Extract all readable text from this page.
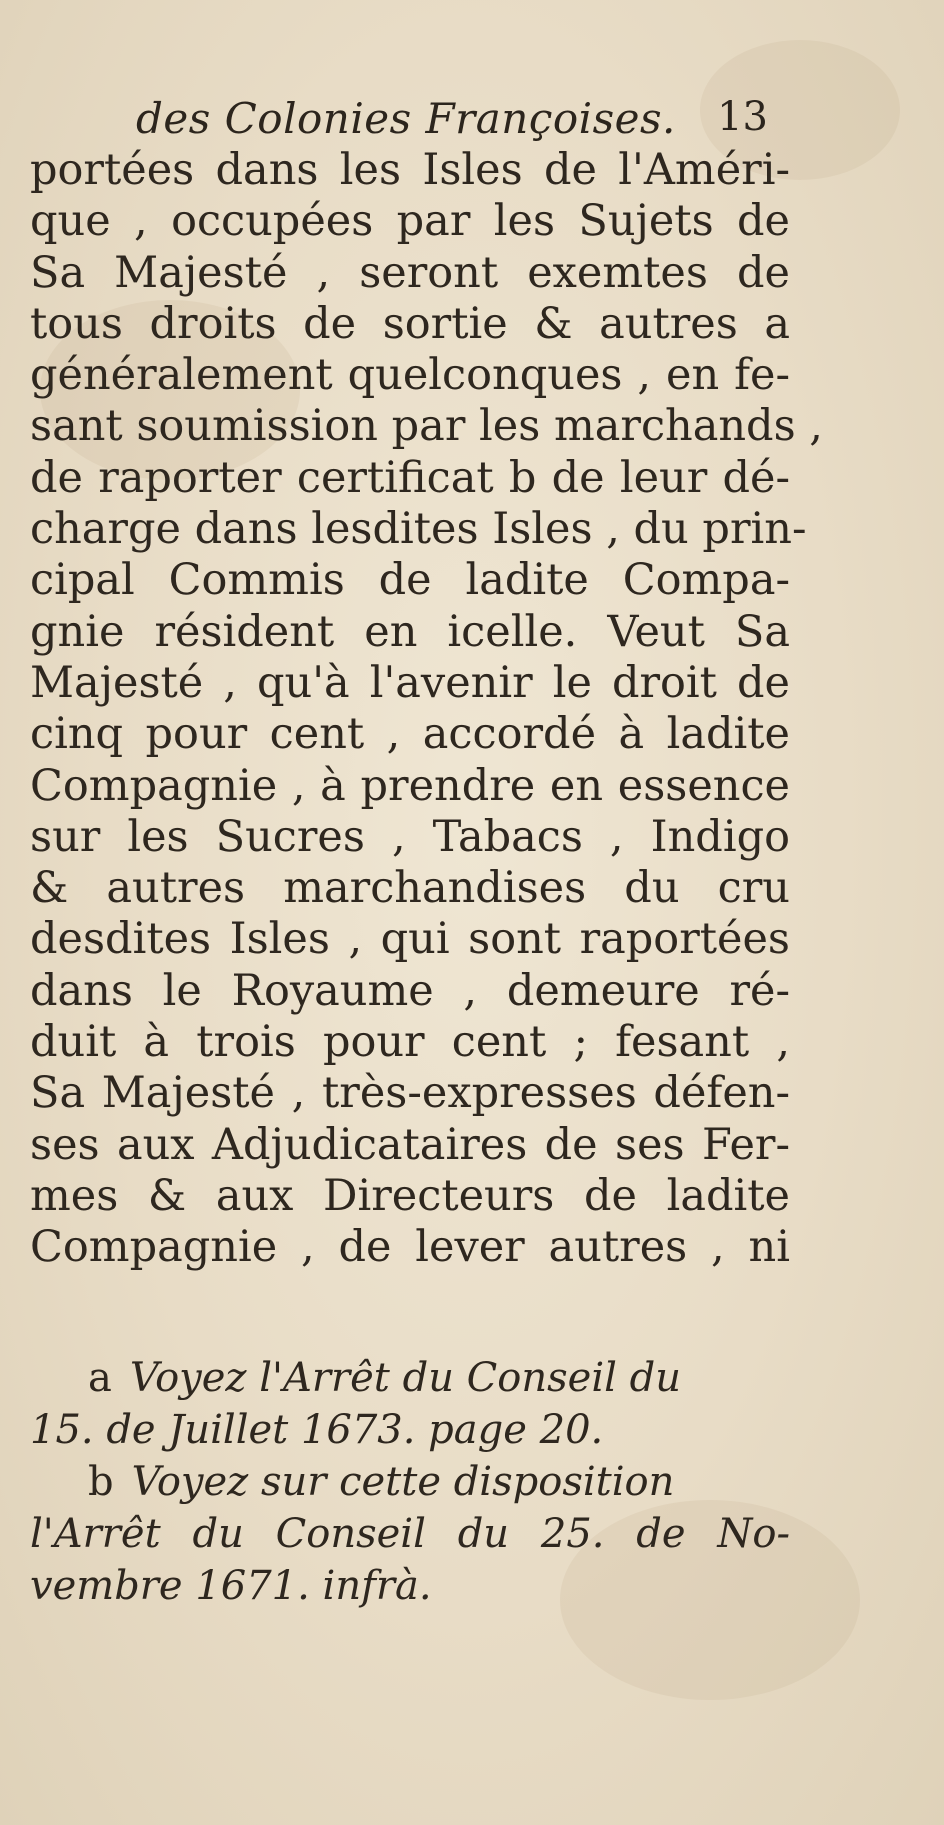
des Colonies Françoises. 13
portées dans les Isles de l'Améri-
que , occupées par les Sujets de
Sa Majesté , seront exemtes de
tous droits de sortie & autres a
généralement quelconques , en fe-
sant soumission par les marchands ,
de raporter certificat b de leur dé-
charge dans lesdites Isles , du prin-
cipal Commis de ladite Compa-
gnie résident en icelle. Veut Sa
Majesté , qu'à l'avenir le droit de
cinq pour cent , accordé à ladite
Compagnie , à prendre en essence
sur les Sucres , Tabacs , Indigo
& autres marchandises du cru
desdites Isles , qui sont raportées
dans le Royaume , demeure ré-
duit à trois pour cent ; fesant ,
Sa Majesté , très-expresses défen-
ses aux Adjudicataires de ses Fer-
mes & aux Directeurs de ladite
Compagnie , de lever autres , ni
a Voyez l'Arrêt du Conseil du
15. de Juillet 1673. page 20.
b Voyez sur cette disposition
l'Arrêt du Conseil du 25. de No-
vembre 1671. infrà.
